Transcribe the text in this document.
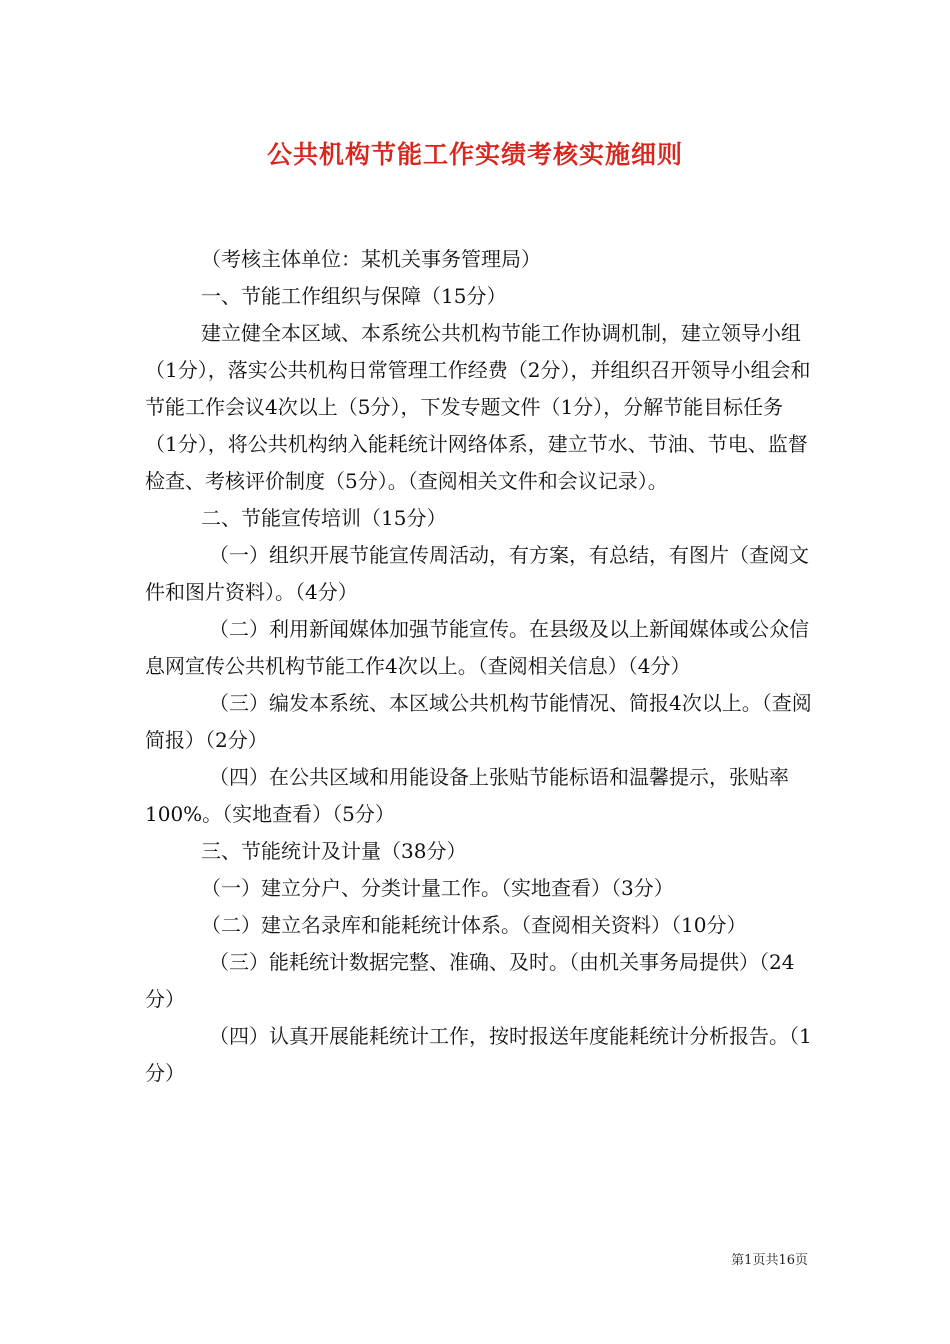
公共机构节能工作实绩考核实施细则

（考核主体单位：某机关事务管理局）

一、节能工作组织与保障（15分）

建立健全本区域、本系统公共机构节能工作协调机制，建立领导小组（1分），落实公共机构日常管理工作经费（2分），并组织召开领导小组会和节能工作会议4次以上（5分），下发专题文件（1分），分解节能目标任务（1分），将公共机构纳入能耗统计网络体系，建立节水、节油、节电、监督检查、考核评价制度（5分）。（查阅相关文件和会议记录）。

二、节能宣传培训（15分）

（一）组织开展节能宣传周活动，有方案，有总结，有图片（查阅文件和图片资料）。（4分）

（二）利用新闻媒体加强节能宣传。在县级及以上新闻媒体或公众信息网宣传公共机构节能工作4次以上。（查阅相关信息）（4分）

（三）编发本系统、本区域公共机构节能情况、简报4次以上。（查阅简报）（2分）

（四）在公共区域和用能设备上张贴节能标语和温馨提示，张贴率100%。（实地查看）（5分）

三、节能统计及计量（38分）

（一）建立分户、分类计量工作。（实地查看）（3分）

（二）建立名录库和能耗统计体系。（查阅相关资料）（10分）

（三）能耗统计数据完整、准确、及时。（由机关事务局提供）（24分）

（四）认真开展能耗统计工作，按时报送年度能耗统计分析报告。（1分）

第1页共16页
